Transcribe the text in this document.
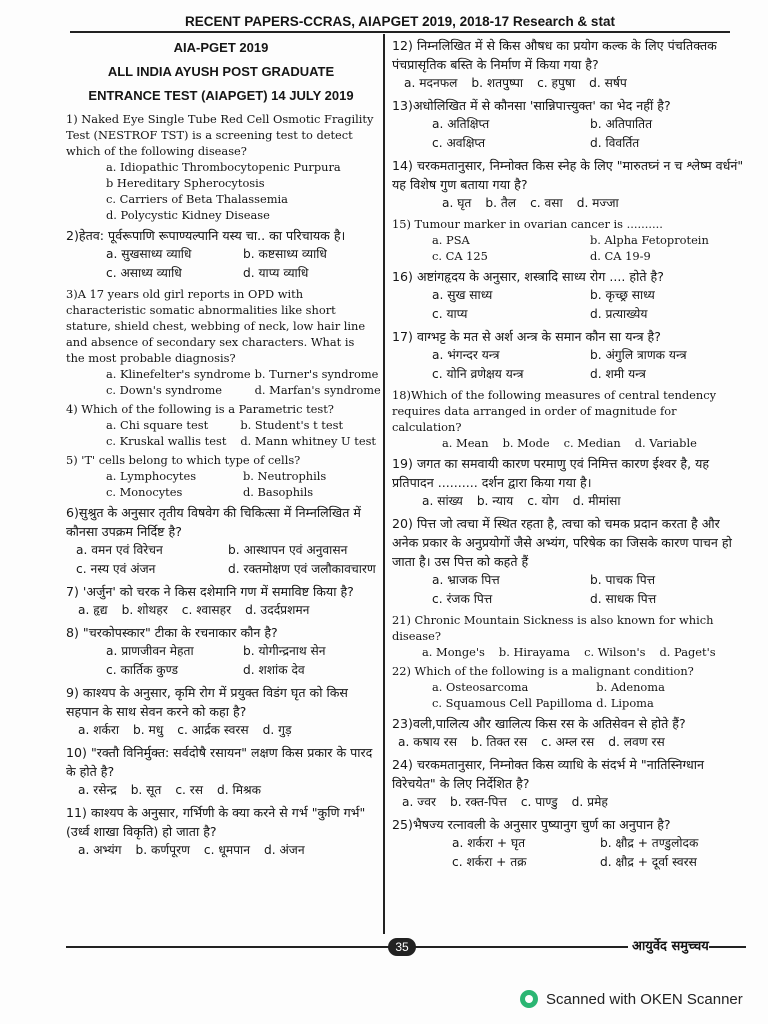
RECENT PAPERS-CCRAS, AIAPGET 2019, 2018-17 Research & stat
AIA-PGET 2019
ALL INDIA AYUSH POST GRADUATE
ENTRANCE TEST (AIAPGET) 14 JULY 2019
1) Naked Eye Single Tube Red Cell Osmotic Fragility Test (NESTROF TST) is a screening test to detect which of the following disease?
a. Idiopathic Thrombocytopenic Purpura
b Hereditary Spherocytosis
c. Carriers of Beta Thalassemia
d. Polycystic Kidney Disease
2)हेतव: पूर्वरूपाणि रूपाण्यल्पानि यस्य चा.. का परिचायक है।
a. सुखसाध्य व्याधि	b. कष्टसाध्य व्याधि
c. असाध्य व्याधि	d. याप्य व्याधि
3)A 17 years old girl reports in OPD with characteristic somatic abnormalities like short stature, shield chest, webbing of neck, low hair line and absence of secondary sex characters. What is the most probable diagnosis?
a. Klinefelter's syndrome b. Turner's syndrome
c. Down's syndrome	d. Marfan's syndrome
4) Which of the following is a Parametric test?
a. Chi square test	b. Student's t test
c. Kruskal wallis test	d. Mann whitney U test
5) 'T' cells belong to which type of cells?
a. Lymphocytes	b. Neutrophils
c. Monocytes	d. Basophils
6)सुश्रुत के अनुसार तृतीय विषवेग की चिकित्सा में निम्नलिखित में कौनसा उपक्रम निर्दिष्ट है?
a. वमन एवं विरेचन	b. आस्थापन एवं अनुवासन
c. नस्य एवं अंजन	d. रक्तमोक्षण एवं जलौकावचारण
7) 'अर्जुन' को चरक ने किस दशेमानि गण में समाविष्ट किया है?
a. हृद्य b. शोथहर c. श्वासहर d. उदर्दप्रशमन
8) "चरकोपस्कार" टीका के रचनाकार कौन है?
a. प्राणजीवन मेहता	b. योगीन्द्रनाथ सेन
c. कार्तिक कुण्ड	d. शशांक देव
9) काश्यप के अनुसार, कृमि रोग में प्रयुक्त विडंग घृत को किस सहपान के साथ सेवन करने को कहा है?
a. शर्करा b. मधु c. आर्द्रक स्वरस d. गुड़
10) "रक्तौ विनिर्मुक्त: सर्वदोषै रसायन" लक्षण किस प्रकार के पारद के होते है?
a. रसेन्द्र b. सूत c. रस d. मिश्रक
11) काश्यप के अनुसार, गर्भिणी के क्या करने से गर्भ "कुणि गर्भ" (उर्ध्व शाखा विकृति) हो जाता है?
a. अभ्यंग b. कर्णपूरण c. धूमपान d. अंजन
12) निम्नलिखित में से किस औषध का प्रयोग कल्क के लिए पंचतिक्तक पंचप्रासृतिक बस्ति के निर्माण में किया गया है?
a. मदनफल b. शतपुष्पा c. हपुषा d. सर्षप
13)अधोलिखित में से कौनसा 'सान्निपात्त्युक्त' का भेद नहीं है?
a. अतिक्षिप्त	b. अतिपातित
c. अवक्षिप्त	d. विवर्तित
14) चरकमतानुसार, निम्नोक्त किस स्नेह के लिए "मारुतघ्नं न च श्लेष्म वर्धनं" यह विशेष गुण बताया गया है?
a. घृत b. तैल c. वसा d. मज्जा
15) Tumour marker in ovarian cancer is ..........
a. PSA	b. Alpha Fetoprotein
c. CA 125	d. CA 19-9
16) अष्टांगहृदय के अनुसार, शस्त्रादि साध्य रोग .... होते है?
a. सुख साध्य	b. कृच्छ्र साध्य
c. याप्य	d. प्रत्याख्येय
17) वाग्भट्ट के मत से अर्श अन्त्र के समान कौन सा यन्त्र है?
a. भंगन्दर यन्त्र	b. अंगुलि त्राणक यन्त्र
c. योनि व्रणेक्षय यन्त्र	d. शमी यन्त्र
18)Which of the following measures of central tendency requires data arranged in order of magnitude for calculation?
a. Mean b. Mode c. Median d. Variable
19) जगत का समवायी कारण परमाणु एवं निमित्त कारण ईश्वर है, यह प्रतिपादन .......... दर्शन द्वारा किया गया है।
a. सांख्य b. न्याय c. योग d. मीमांसा
20) पित्त जो त्वचा में स्थित रहता है, त्वचा को चमक प्रदान करता है और अनेक प्रकार के अनुप्रयोगों जैसे अभ्यंग, परिषेक का जिसके कारण पाचन हो जाता है। उस पित्त को कहते हैं
a. भ्राजक पित्त	b. पाचक पित्त
c. रंजक पित्त	d. साधक पित्त
21) Chronic Mountain Sickness is also known for which disease?
a. Monge's b. Hirayama c. Wilson's d. Paget's
22) Which of the following is a malignant condition?
a. Osteosarcoma	b. Adenoma
c. Squamous Cell Papilloma d. Lipoma
23)वली,पालित्य और खालित्य किस रस के अतिसेवन से होते हैं?
a. कषाय रस b. तिक्त रस c. अम्ल रस d. लवण रस
24) चरकमतानुसार, निम्नोक्त किस व्याधि के संदर्भ मे "नातिस्निग्धान विरेचयेत" के लिए निर्देशित है?
a. ज्वर b. रक्त-पित्त c. पाण्डु d. प्रमेह
25)भैषज्य रत्नावली के अनुसार पुष्यानुग चुर्ण का अनुपान है?
a. शर्करा + घृत	b. क्षौद्र + तण्डुलोदक
c. शर्करा + तक्र	d. क्षौद्र + दूर्वा स्वरस
35	आयुर्वेद समुच्चय
Scanned with OKEN Scanner
